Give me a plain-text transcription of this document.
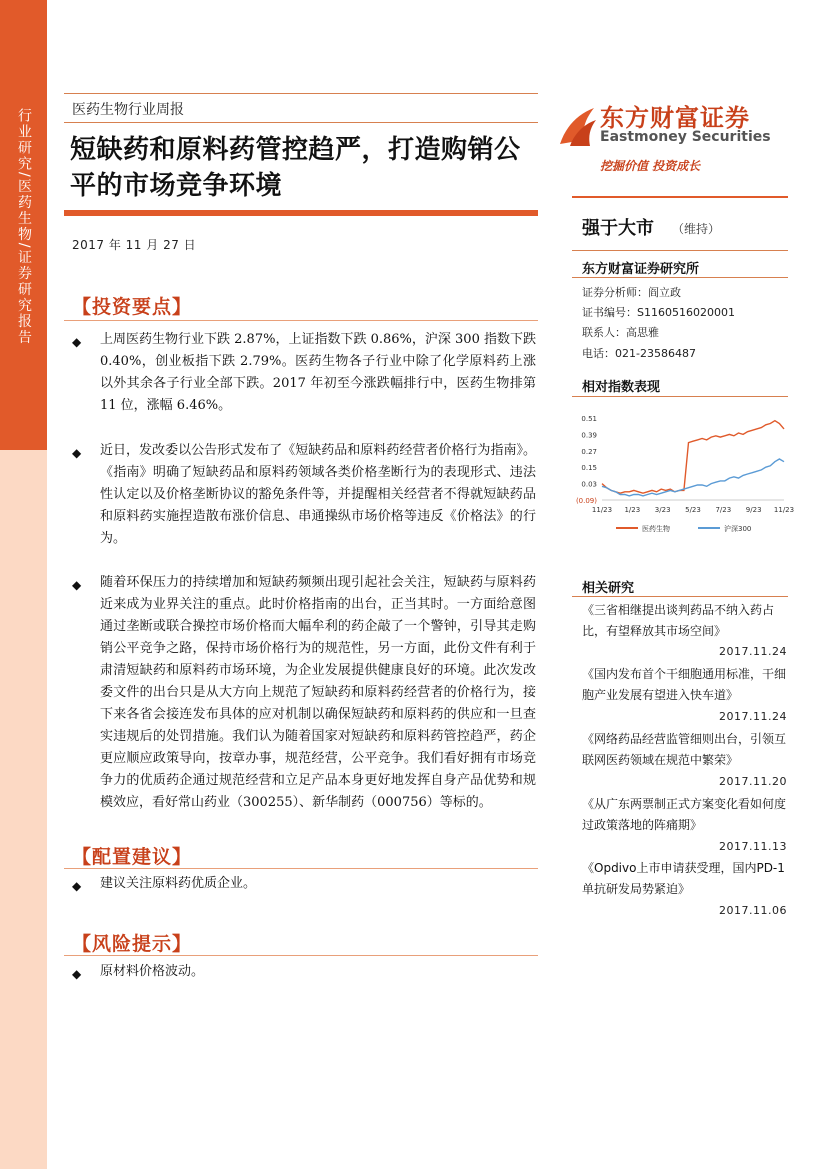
行业研究/医药生物/证券研究报告	医药生物行业周报
短缺药和原料药管控趋严，打造购销公平的市场竞争环境
2017 年 11 月 27 日
东方财富证券
Eastmoney Securities
挖掘价值 投资成长
强于大市 （维持）
东方财富证券研究所
证券分析师：阎立政
证书编号：S1160516020001
联系人：高思雅
电话：021-23586487
相对指数表现
0.51
0.39
0.27
0.15
0.03
(0.09)
11/23 1/23 3/23 5/23 7/23 9/23 11/23
医药生物	沪深300
相关研究
《三省相继提出谈判药品不纳入药占比，有望释放其市场空间》
2017.11.24
《国内发布首个干细胞通用标准，干细胞产业发展有望进入快车道》
2017.11.24
《网络药品经营监管细则出台，引领互联网医药领域在规范中繁荣》
2017.11.20
《从广东两票制正式方案变化看如何度过政策落地的阵痛期》
2017.11.13
《Opdivo上市申请获受理，国内PD-1单抗研发局势紧迫》
2017.11.06
【投资要点】
◆ 上周医药生物行业下跌 2.87%，上证指数下跌 0.86%，沪深 300 指数下跌 0.40%，创业板指下跌 2.79%。医药生物各子行业中除了化学原料药上涨以外其余各子行业全部下跌。2017 年初至今涨跌幅排行中，医药生物排第 11 位，涨幅 6.46%。
◆ 近日，发改委以公告形式发布了《短缺药品和原料药经营者价格行为指南》。《指南》明确了短缺药品和原料药领域各类价格垄断行为的表现形式、违法性认定以及价格垄断协议的豁免条件等，并提醒相关经营者不得就短缺药品和原料药实施捏造散布涨价信息、串通操纵市场价格等违反《价格法》的行为。
◆ 随着环保压力的持续增加和短缺药频频出现引起社会关注，短缺药与原料药近来成为业界关注的重点。此时价格指南的出台，正当其时。一方面给意图通过垄断或联合操控市场价格而大幅牟利的药企敲了一个警钟，引导其走购销公平竞争之路，保持市场价格行为的规范性，另一方面，此份文件有利于肃清短缺药和原料药市场环境，为企业发展提供健康良好的环境。此次发改委文件的出台只是从大方向上规范了短缺药和原料药经营者的价格行为，接下来各省会接连发布具体的应对机制以确保短缺药和原料药的供应和一旦查实违规后的处罚措施。我们认为随着国家对短缺药和原料药管控趋严，药企更应顺应政策导向，按章办事，规范经营，公平竞争。我们看好拥有市场竞争力的优质药企通过规范经营和立足产品本身更好地发挥自身产品优势和规模效应，看好常山药业（300255）、新华制药（000756）等标的。
【配置建议】
◆ 建议关注原料药优质企业。
【风险提示】
◆ 原材料价格波动。
